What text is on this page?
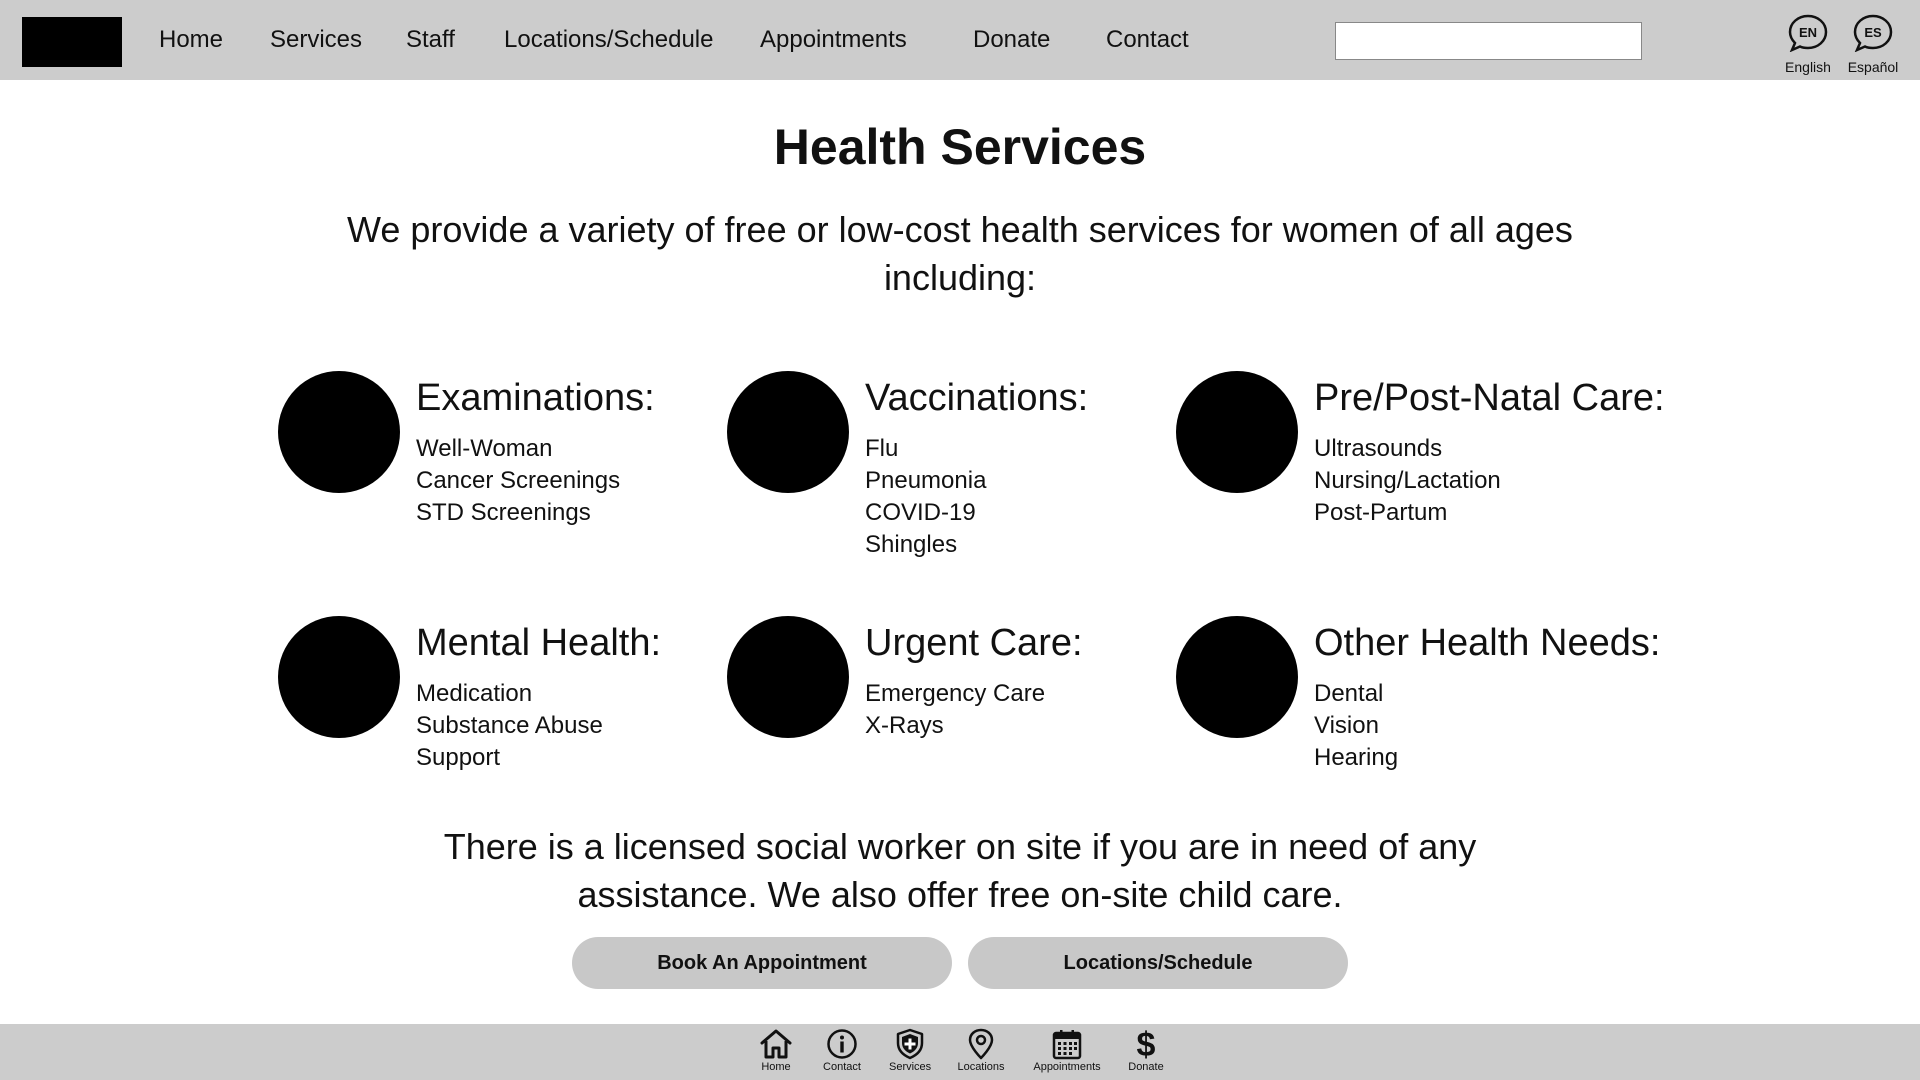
Home Services Staff Locations/Schedule Appointments	Donate Contact	EN
English
ES
Español
Health Services

We provide a variety of free or low-cost health services for women of all ages including:

Examinations:
Well-Woman
Cancer Screenings
STD Screenings
Vaccinations:
Flu
Pneumonia
COVID-19
Shingles
Pre/Post-Natal Care:
Ultrasounds
Nursing/Lactation
Post-Partum
Mental Health:
Medication
Substance Abuse
Support
Urgent Care:
Emergency Care
X-Rays
Other Health Needs:
Dental
Vision
Hearing

There is a licensed social worker on site if you are in need of any assistance. We also offer free on-site child care.

Book An Appointment	Locations/Schedule
Home	Contact	Services Locations	Appointments
$
Donate
